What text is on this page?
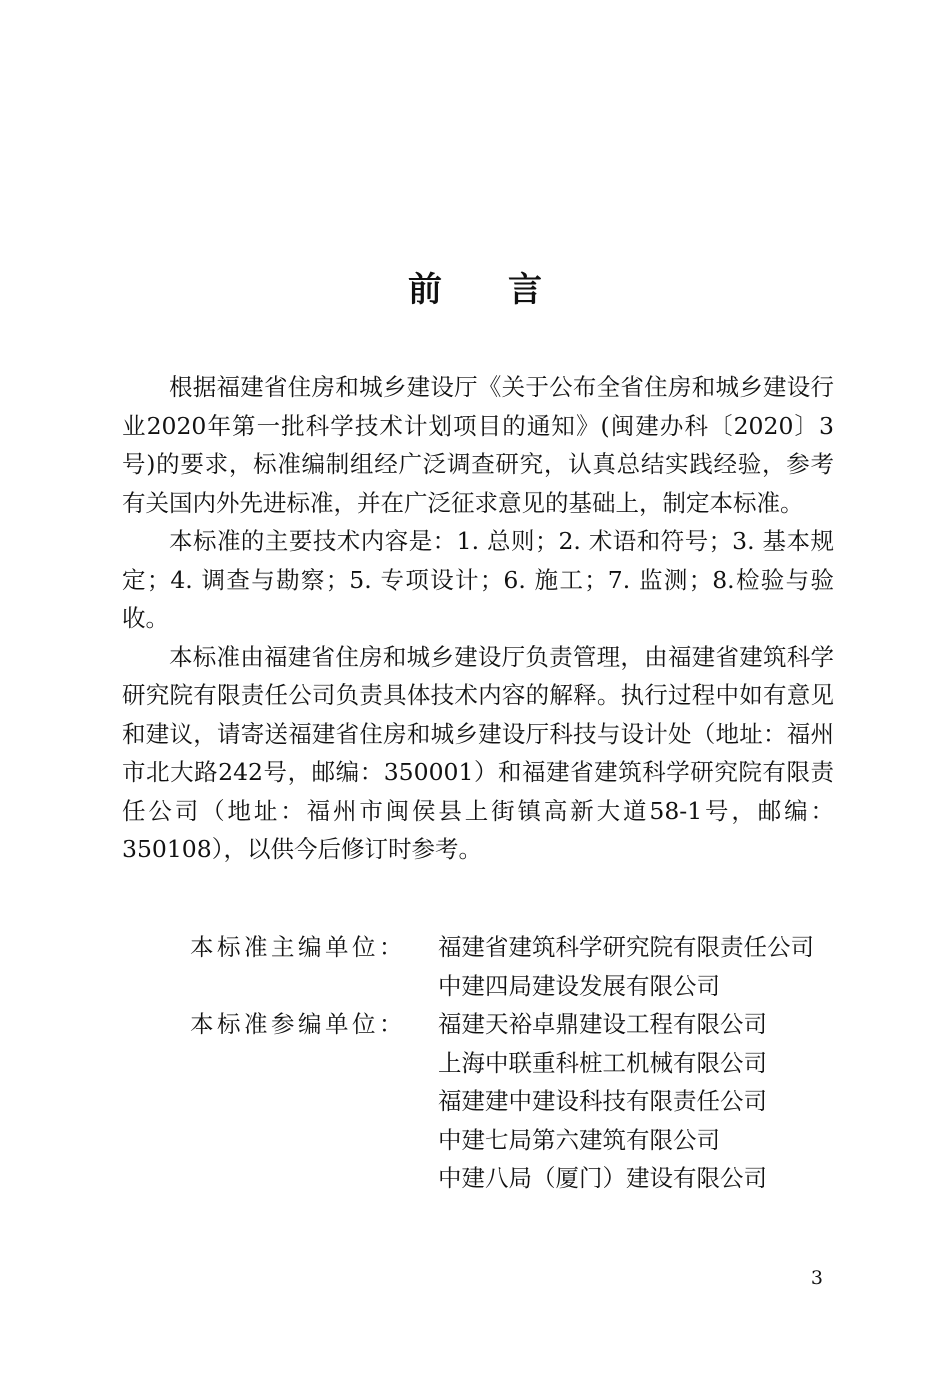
前言

根据福建省住房和城乡建设厅《关于公布全省住房和城乡建设行业2020年第一批科学技术计划项目的通知》(闽建办科〔2020〕3号)的要求，标准编制组经广泛调查研究，认真总结实践经验，参考有关国内外先进标准，并在广泛征求意见的基础上，制定本标准。

本标准的主要技术内容是：1. 总则；2. 术语和符号；3. 基本规定；4. 调查与勘察；5. 专项设计；6. 施工；7. 监测；8.检验与验收。

本标准由福建省住房和城乡建设厅负责管理，由福建省建筑科学研究院有限责任公司负责具体技术内容的解释。执行过程中如有意见和建议，请寄送福建省住房和城乡建设厅科技与设计处（地址：福州市北大路242号，邮编：350001）和福建省建筑科学研究院有限责任公司（地址：福州市闽侯县上街镇高新大道58-1号，邮编：350108），以供今后修订时参考。

本标准主编单位：	福建省建筑科学研究院有限责任公司
中建四局建设发展有限公司
本标准参编单位：	福建天裕卓鼎建设工程有限公司
上海中联重科桩工机械有限公司
福建建中建设科技有限责任公司
中建七局第六建筑有限公司
中建八局（厦门）建设有限公司
3
